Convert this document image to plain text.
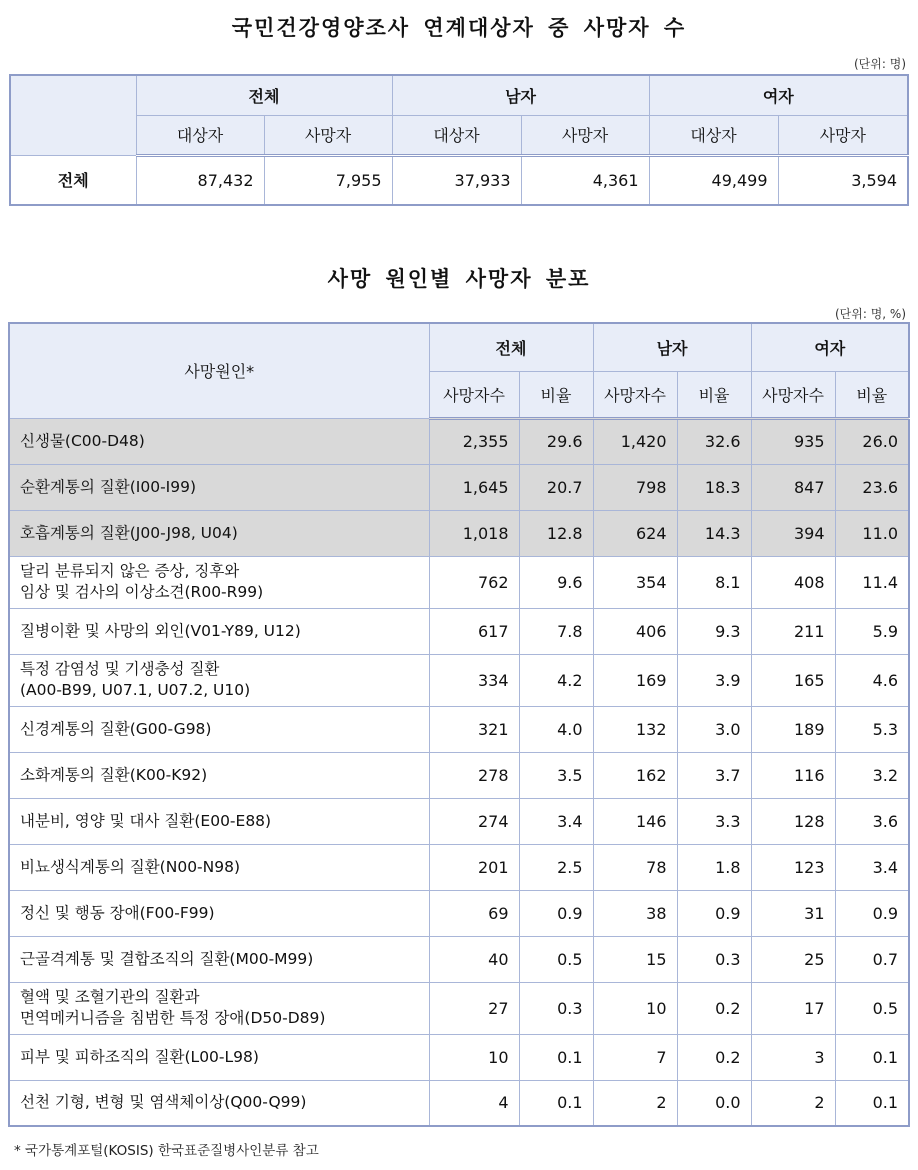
국민건강영양조사 연계대상자 중 사망자 수
(단위: 명)
	전체		남자		여자	
	대상자	사망자	대상자	사망자	대상자	사망자
전체	87,432	7,955	37,933	4,361	49,499	3,594
사망 원인별 사망자 분포
(단위: 명, %)
사망원인*	전체		남자		여자	
	사망자수	비율	사망자수	비율	사망자수	비율
신생물(C00-D48)	2,355	29.6	1,420	32.6	935	26.0
순환계통의 질환(I00-I99)	1,645	20.7	798	18.3	847	23.6
호흡계통의 질환(J00-J98, U04)	1,018	12.8	624	14.3	394	11.0
달리 분류되지 않은 증상, 징후와
임상 및 검사의 이상소견(R00-R99)	762	9.6	354	8.1	408	11.4
질병이환 및 사망의 외인(V01-Y89, U12)	617	7.8	406	9.3	211	5.9
특정 감염성 및 기생충성 질환
(A00-B99, U07.1, U07.2, U10)	334	4.2	169	3.9	165	4.6
신경계통의 질환(G00-G98)	321	4.0	132	3.0	189	5.3
소화계통의 질환(K00-K92)	278	3.5	162	3.7	116	3.2
내분비, 영양 및 대사 질환(E00-E88)	274	3.4	146	3.3	128	3.6
비뇨생식계통의 질환(N00-N98)	201	2.5	78	1.8	123	3.4
정신 및 행동 장애(F00-F99)	69	0.9	38	0.9	31	0.9
근골격계통 및 결합조직의 질환(M00-M99)	40	0.5	15	0.3	25	0.7
혈액 및 조혈기관의 질환과
면역메커니즘을 침범한 특정 장애(D50-D89)	27	0.3	10	0.2	17	0.5
피부 및 피하조직의 질환(L00-L98)	10	0.1	7	0.2	3	0.1
선천 기형, 변형 및 염색체이상(Q00-Q99)	4	0.1	2	0.0	2	0.1
* 국가통계포털(KOSIS) 한국표준질병사인분류 참고
